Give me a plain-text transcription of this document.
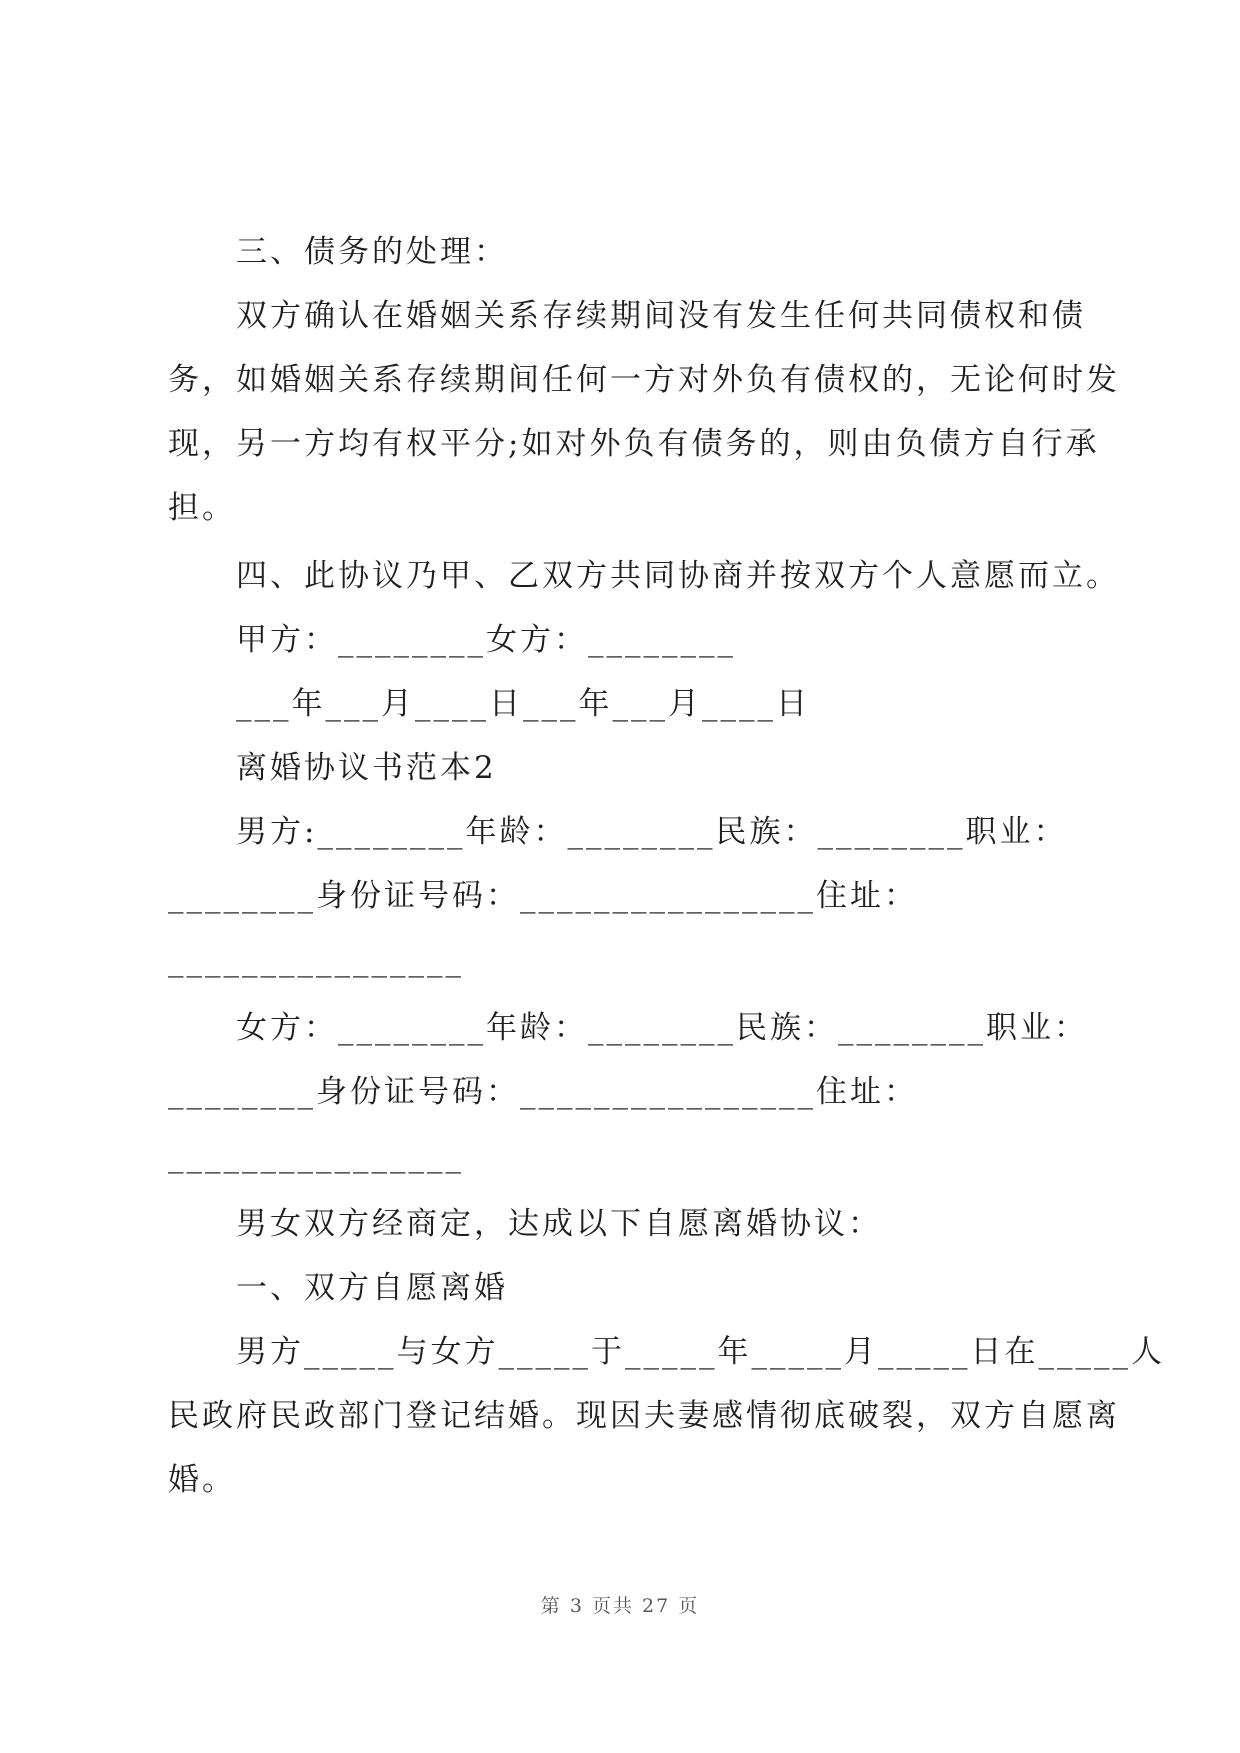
三、债务的处理：
双方确认在婚姻关系存续期间没有发生任何共同债权和债
务，如婚姻关系存续期间任何一方对外负有债权的，无论何时发
现，另一方均有权平分;如对外负有债务的，则由负债方自行承
担。
四、此协议乃甲、乙双方共同协商并按双方个人意愿而立。
甲方：________女方：________
___年___月____日___年___月____日
离婚协议书范本2
男方:________年龄：________民族：________职业：
________身份证号码：________________住址：
________________
女方：________年龄：________民族：________职业：
________身份证号码：________________住址：
________________
男女双方经商定，达成以下自愿离婚协议：
一、双方自愿离婚
男方_____与女方_____于_____年_____月_____日在_____人
民政府民政部门登记结婚。现因夫妻感情彻底破裂，双方自愿离
婚。
第 3 页共 27 页
